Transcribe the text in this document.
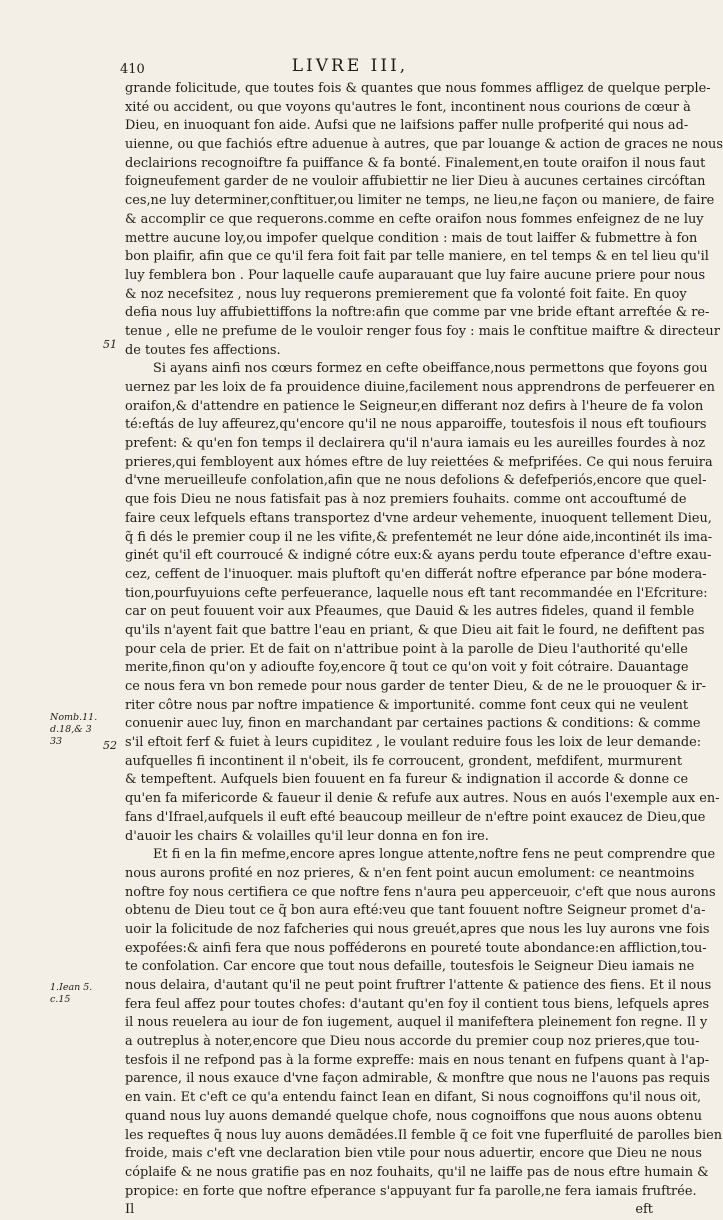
410	LIVRE III,
51
52
Nomb.11.
d.18,& 3
33
1.Iean 5.
c.15
grande folicitude, que toutes fois & quantes que nous fommes affligez de quelque perple-
xité ou accident, ou que voyons qu'autres le font, incontinent nous courions de cœur à
Dieu, en inuoquant fon aide. Aufsi que ne laifsions paffer nulle profperité qui nous ad-
uienne, ou que fachiós eftre aduenue à autres, que par louange & action de graces ne nous
declairions recognoiftre fa puiffance & fa bonté. Finalement,en toute oraifon il nous faut
foigneufement garder de ne vouloir affubiettir ne lier Dieu à aucunes certaines circóftan
ces,ne luy determiner,conftituer,ou limiter ne temps, ne lieu,ne façon ou maniere, de faire
& accomplir ce que requerons.comme en cefte oraifon nous fommes enfeignez de ne luy
mettre aucune loy,ou impofer quelque condition : mais de tout laiffer & fubmettre à fon
bon plaifir, afin que ce qu'il fera foit fait par telle maniere, en tel temps & en tel lieu qu'il
luy femblera bon . Pour laquelle caufe auparauant que luy faire aucune priere pour nous
& noz necefsitez , nous luy requerons premierement que fa volonté foit faite. En quoy
defia nous luy affubiettiffons la noftre:afin que comme par vne bride eftant arreftée & re-
tenue , elle ne prefume de le vouloir renger fous foy : mais le conftitue maiftre & directeur
de toutes fes affections.
Si ayans ainfi nos cœurs formez en cefte obeiffance,nous permettons que foyons gou
uernez par les loix de fa prouidence diuine,facilement nous apprendrons de perfeuerer en
oraifon,& d'attendre en patience le Seigneur,en differant noz defirs à l'heure de fa volon
té:eftás de luy affeurez,qu'encore qu'il ne nous apparoiffe, toutesfois il nous eft toufiours
prefent: & qu'en fon temps il declairera qu'il n'aura iamais eu les aureilles fourdes à noz
prieres,qui fembloyent aux hómes eftre de luy reiettées & mefprifées. Ce qui nous feruira
d'vne merueilleufe confolation,afin que ne nous defolions & defefperiós,encore que quel-
que fois Dieu ne nous fatisfait pas à noz premiers fouhaits. comme ont accouftumé de
faire ceux lefquels eftans transportez d'vne ardeur vehemente, inuoquent tellement Dieu,
q̃ fi dés le premier coup il ne les vifite,& prefentemét ne leur dóne aide,incontinét ils ima-
ginét qu'il eft courroucé & indigné cótre eux:& ayans perdu toute efperance d'eftre exau-
cez, ceffent de l'inuoquer. mais pluftoft qu'en differát noftre efperance par bóne modera-
tion,pourfuyuions cefte perfeuerance, laquelle nous eft tant recommandée en l'Efcriture:
car on peut fouuent voir aux Pfeaumes, que Dauid & les autres fideles, quand il femble
qu'ils n'ayent fait que battre l'eau en priant, & que Dieu ait fait le fourd, ne defiftent pas
pour cela de prier. Et de fait on n'attribue point à la parolle de Dieu l'authorité qu'elle
merite,finon qu'on y adioufte foy,encore q̃ tout ce qu'on voit y foit cótraire. Dauantage
ce nous fera vn bon remede pour nous garder de tenter Dieu, & de ne le prouoquer & ir-
riter côtre nous par noftre impatience & importunité. comme font ceux qui ne veulent
conuenir auec luy, finon en marchandant par certaines pactions & conditions: & comme
s'il eftoit ferf & fuiet à leurs cupiditez , le voulant reduire fous les loix de leur demande:
aufquelles fi incontinent il n'obeit, ils fe corroucent, grondent, mefdifent, murmurent
& tempeftent. Aufquels bien fouuent en fa fureur & indignation il accorde & donne ce
qu'en fa mifericorde & faueur il denie & refufe aux autres. Nous en auós l'exemple aux en-
fans d'Ifrael,aufquels il euft efté beaucoup meilleur de n'eftre point exaucez de Dieu,que
d'auoir les chairs & volailles qu'il leur donna en fon ire.
Et fi en la fin mefme,encore apres longue attente,noftre fens ne peut comprendre que
nous aurons profité en noz prieres, & n'en fent point aucun emolument: ce neantmoins
noftre foy nous certifiera ce que noftre fens n'aura peu apperceuoir, c'eft que nous aurons
obtenu de Dieu tout ce q̃ bon aura efté:veu que tant fouuent noftre Seigneur promet d'a-
uoir la folicitude de noz fafcheries qui nous greuét,apres que nous les luy aurons vne fois
expofées:& ainfi fera que nous pofféderons en poureté toute abondance:en affliction,tou-
te confolation. Car encore que tout nous defaille, toutesfois le Seigneur Dieu iamais ne
nous delaira, d'autant qu'il ne peut point fruftrer l'attente & patience des fiens. Et il nous
fera feul affez pour toutes chofes: d'autant qu'en foy il contient tous biens, lefquels apres
il nous reuelera au iour de fon iugement, auquel il manifeftera pleinement fon regne. Il y
a outreplus à noter,encore que Dieu nous accorde du premier coup noz prieres,que tou-
tesfois il ne refpond pas à la forme expreffe: mais en nous tenant en fufpens quant à l'ap-
parence, il nous exauce d'vne façon admirable, & monftre que nous ne l'auons pas requis
en vain. Et c'eft ce qu'a entendu fainct Iean en difant, Si nous cognoiffons qu'il nous oit,
quand nous luy auons demandé quelque chofe, nous cognoiffons que nous auons obtenu
les requeftes q̃ nous luy auons demãdées.Il femble q̃ ce foit vne fuperfluité de parolles bien
froide, mais c'eft vne declaration bien vtile pour nous aduertir, encore que Dieu ne nous
cóplaife & ne nous gratifie pas en noz fouhaits, qu'il ne laiffe pas de nous eftre humain &
propice: en forte que noftre efperance s'appuyant fur fa parolle,ne fera iamais fruftrée.
Il eft
